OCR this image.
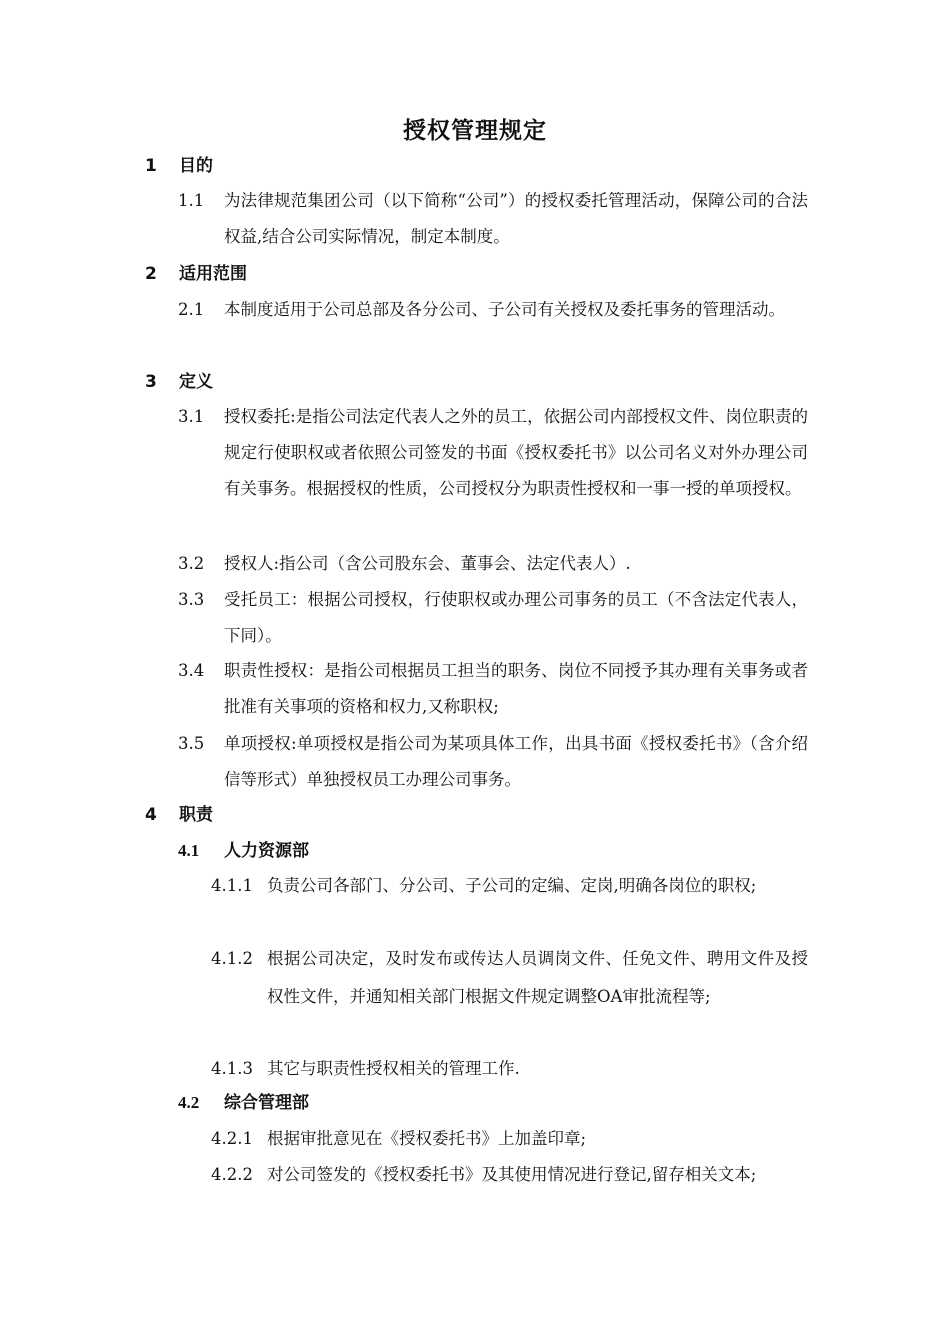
授权管理规定
1 目的
1.1 为法律规范集团公司（以下简称“公司”）的授权委托管理活动，保障公司的合法权益,结合公司实际情况，制定本制度。
2 适用范围
2.1 本制度适用于公司总部及各分公司、子公司有关授权及委托事务的管理活动。
3 定义
3.1 授权委托:是指公司法定代表人之外的员工，依据公司内部授权文件、岗位职责的规定行使职权或者依照公司签发的书面《授权委托书》以公司名义对外办理公司有关事务。根据授权的性质，公司授权分为职责性授权和一事一授的单项授权。
3.2 授权人:指公司（含公司股东会、董事会、法定代表人）.
3.3 受托员工：根据公司授权，行使职权或办理公司事务的员工（不含法定代表人，下同）。
3.4 职责性授权：是指公司根据员工担当的职务、岗位不同授予其办理有关事务或者批准有关事项的资格和权力,又称职权;
3.5 单项授权:单项授权是指公司为某项具体工作，出具书面《授权委托书》（含介绍信等形式）单独授权员工办理公司事务。
4 职责
4.1 人力资源部
4.1.1 负责公司各部门、分公司、子公司的定编、定岗,明确各岗位的职权;
4.1.2 根据公司决定，及时发布或传达人员调岗文件、任免文件、聘用文件及授权性文件，并通知相关部门根据文件规定调整OA审批流程等;
4.1.3 其它与职责性授权相关的管理工作.
4.2 综合管理部
4.2.1 根据审批意见在《授权委托书》上加盖印章;
4.2.2 对公司签发的《授权委托书》及其使用情况进行登记,留存相关文本;
